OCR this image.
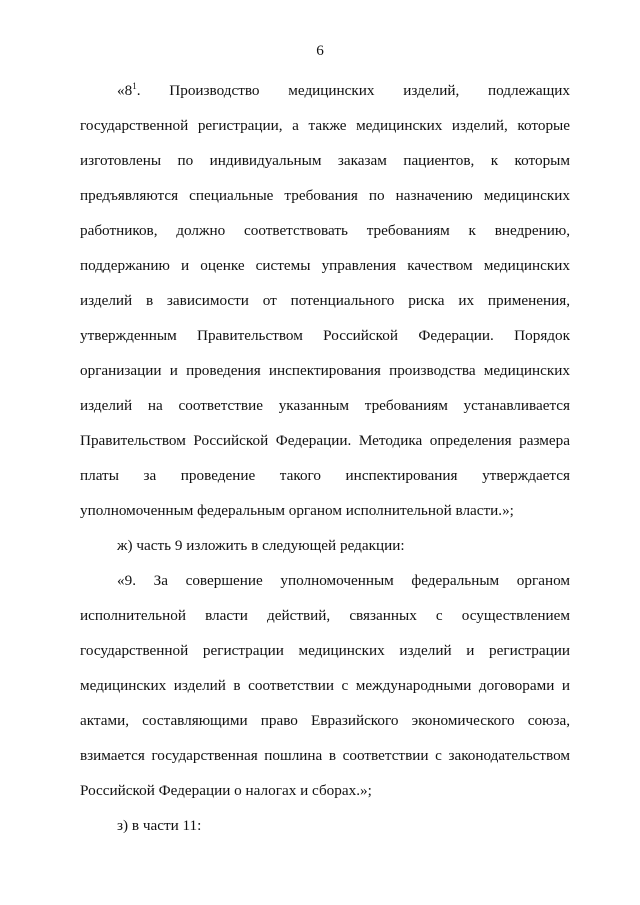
6
«$8^1$. Производство медицинских изделий, подлежащих
государственной регистрации, а также медицинских изделий, которые
изготовлены по индивидуальным заказам пациентов, к которым
предъявляются специальные требования по назначению медицинских
работников, должно соответствовать требованиям к внедрению,
поддержанию и оценке системы управления качеством медицинских
изделий в зависимости от потенциального риска их применения,
утвержденным Правительством Российской Федерации. Порядок
организации и проведения инспектирования производства медицинских
изделий на соответствие указанным требованиям устанавливается
Правительством Российской Федерации. Методика определения размера
платы за проведение такого инспектирования утверждается
уполномоченным федеральным органом исполнительной власти.»;
ж) часть 9 изложить в следующей редакции:
«9. За совершение уполномоченным федеральным органом
исполнительной власти действий, связанных с осуществлением
государственной регистрации медицинских изделий и регистрации
медицинских изделий в соответствии с международными договорами и
актами, составляющими право Евразийского экономического союза,
взимается государственная пошлина в соответствии с законодательством
Российской Федерации о налогах и сборах.»;
з) в части 11:
